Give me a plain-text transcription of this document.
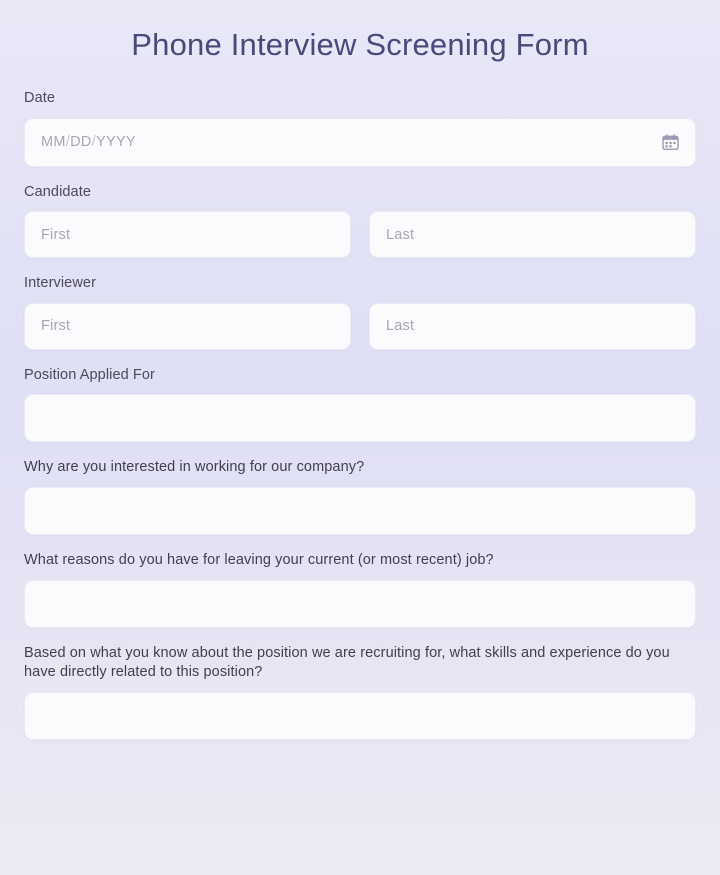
Phone Interview Screening Form
Date
MM/DD/YYYY
Candidate
First	Last
Interviewer
First	Last
Position Applied For
Why are you interested in working for our company?
What reasons do you have for leaving your current (or most recent) job?
Based on what you know about the position we are recruiting for, what skills and experience do you have directly related to this position?
